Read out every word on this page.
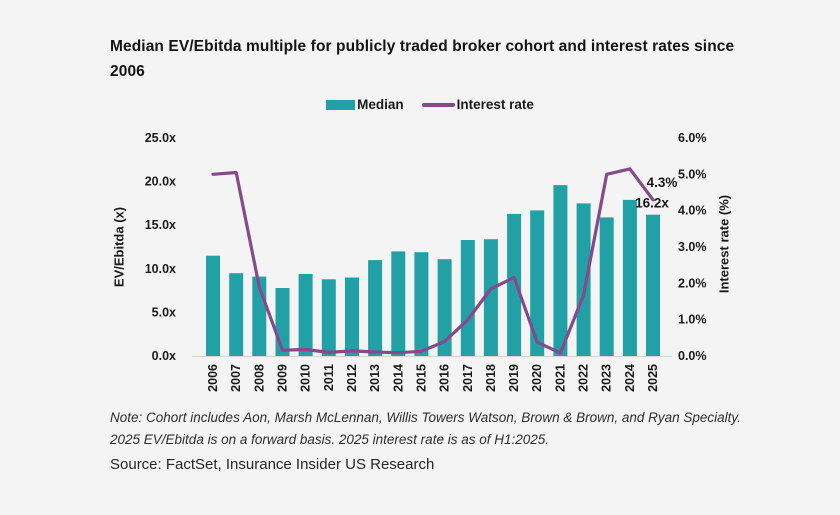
Median EV/Ebitda multiple for publicly traded broker cohort and interest rates since 2006
Median	Interest rate
0.0x
5.0x
10.0x
15.0x
20.0x
25.0x
0.0%
1.0%
2.0%
3.0%
4.0%
5.0%
6.0%
2006 2007 2008 2009 2010 2011 2012 2013 2014 2015 2016 2017 2018 2019 2020 2021 2022 2023 2024 2025
EV/Ebitda (x)	Interest rate (%)
4.3%
16.2x
Note: Cohort includes Aon, Marsh McLennan, Willis Towers Watson, Brown & Brown, and Ryan Specialty. 2025 EV/Ebitda is on a forward basis. 2025 interest rate is as of H1:2025.
Source: FactSet, Insurance Insider US Research
